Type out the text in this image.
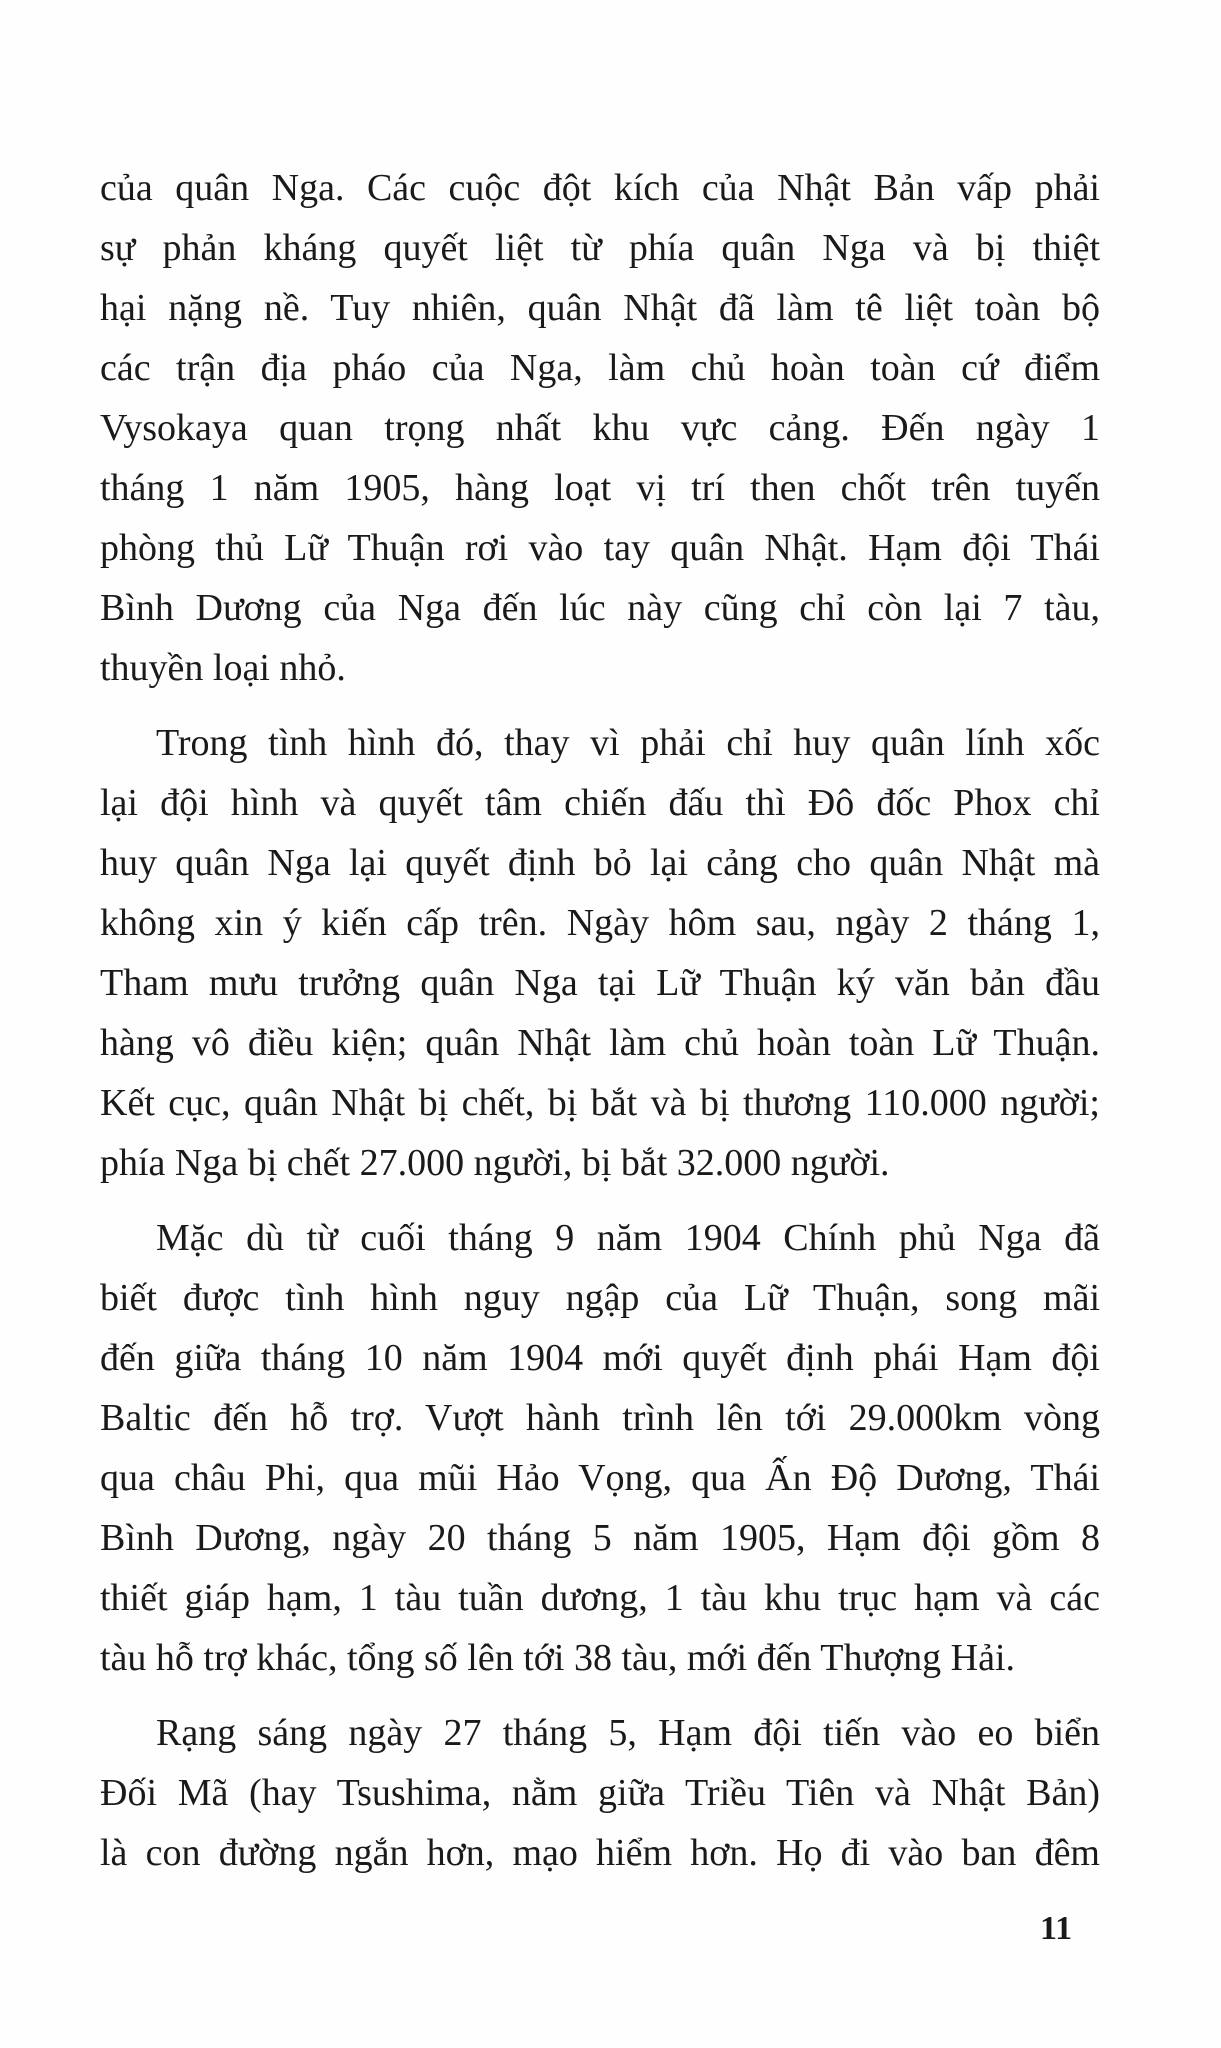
của quân Nga. Các cuộc đột kích của Nhật Bản vấp phải
sự phản kháng quyết liệt từ phía quân Nga và bị thiệt
hại nặng nề. Tuy nhiên, quân Nhật đã làm tê liệt toàn bộ
các trận địa pháo của Nga, làm chủ hoàn toàn cứ điểm
Vysokaya quan trọng nhất khu vực cảng. Đến ngày 1
tháng 1 năm 1905, hàng loạt vị trí then chốt trên tuyến
phòng thủ Lữ Thuận rơi vào tay quân Nhật. Hạm đội Thái
Bình Dương của Nga đến lúc này cũng chỉ còn lại 7 tàu,
thuyền loại nhỏ.

Trong tình hình đó, thay vì phải chỉ huy quân lính xốc
lại đội hình và quyết tâm chiến đấu thì Đô đốc Phox chỉ
huy quân Nga lại quyết định bỏ lại cảng cho quân Nhật mà
không xin ý kiến cấp trên. Ngày hôm sau, ngày 2 tháng 1,
Tham mưu trưởng quân Nga tại Lữ Thuận ký văn bản đầu
hàng vô điều kiện; quân Nhật làm chủ hoàn toàn Lữ Thuận.
Kết cục, quân Nhật bị chết, bị bắt và bị thương 110.000 người;
phía Nga bị chết 27.000 người, bị bắt 32.000 người.

Mặc dù từ cuối tháng 9 năm 1904 Chính phủ Nga đã
biết được tình hình nguy ngập của Lữ Thuận, song mãi
đến giữa tháng 10 năm 1904 mới quyết định phái Hạm đội
Baltic đến hỗ trợ. Vượt hành trình lên tới 29.000km vòng
qua châu Phi, qua mũi Hảo Vọng, qua Ấn Độ Dương, Thái
Bình Dương, ngày 20 tháng 5 năm 1905, Hạm đội gồm 8
thiết giáp hạm, 1 tàu tuần dương, 1 tàu khu trục hạm và các
tàu hỗ trợ khác, tổng số lên tới 38 tàu, mới đến Thượng Hải.

Rạng sáng ngày 27 tháng 5, Hạm đội tiến vào eo biển
Đối Mã (hay Tsushima, nằm giữa Triều Tiên và Nhật Bản)
là con đường ngắn hơn, mạo hiểm hơn. Họ đi vào ban đêm

11
